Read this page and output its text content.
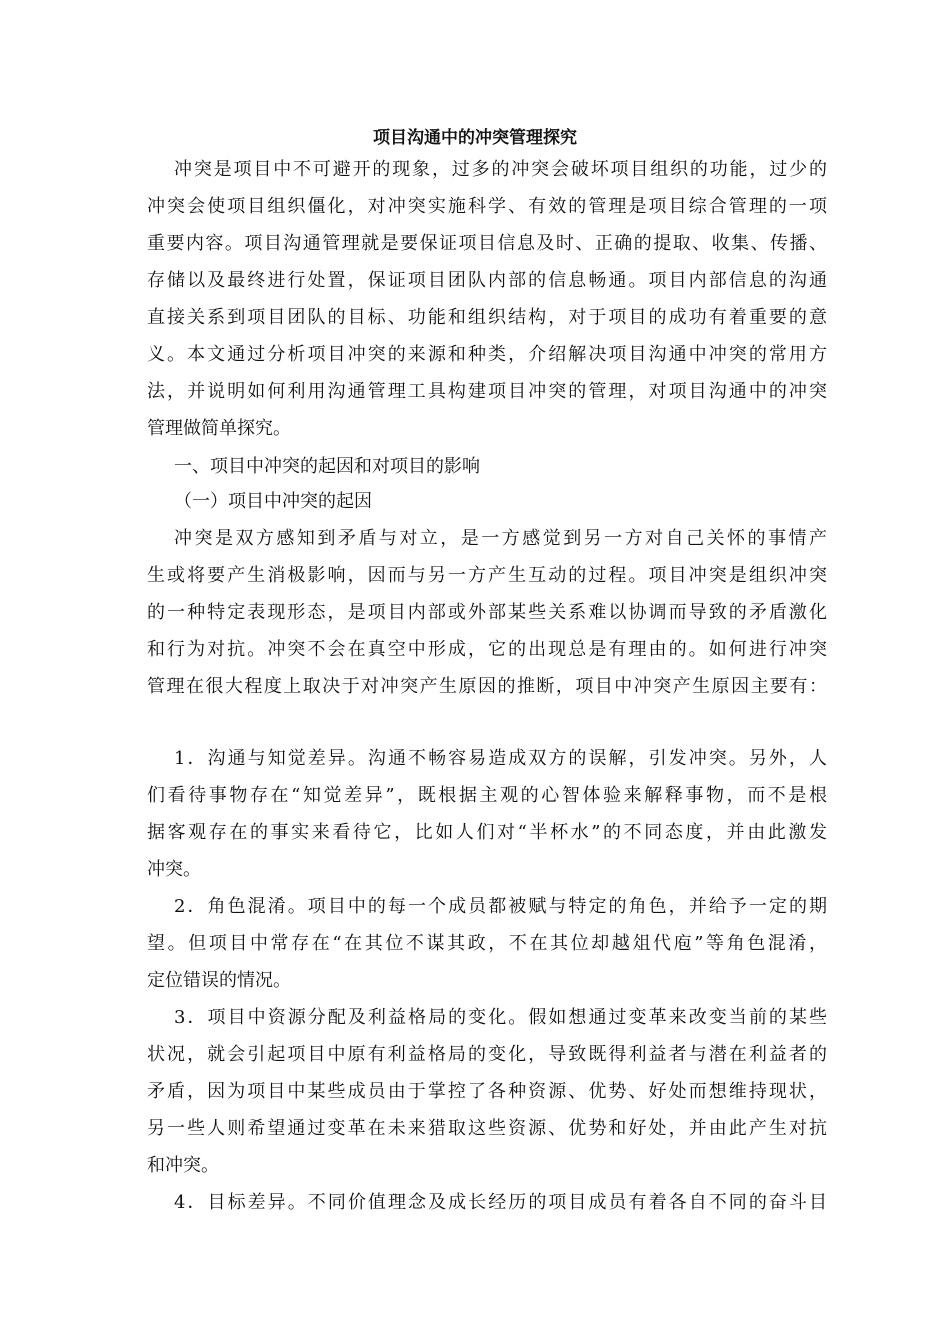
项目沟通中的冲突管理探究
冲突是项目中不可避开的现象，过多的冲突会破坏项目组织的功能，过少的
冲突会使项目组织僵化，对冲突实施科学、有效的管理是项目综合管理的一项
重要内容。项目沟通管理就是要保证项目信息及时、正确的提取、收集、传播、
存储以及最终进行处置，保证项目团队内部的信息畅通。项目内部信息的沟通
直接关系到项目团队的目标、功能和组织结构，对于项目的成功有着重要的意
义。本文通过分析项目冲突的来源和种类，介绍解决项目沟通中冲突的常用方
法，并说明如何利用沟通管理工具构建项目冲突的管理，对项目沟通中的冲突
管理做简单探究。
一、项目中冲突的起因和对项目的影响
（一）项目中冲突的起因
冲突是双方感知到矛盾与对立，是一方感觉到另一方对自己关怀的事情产
生或将要产生消极影响，因而与另一方产生互动的过程。项目冲突是组织冲突
的一种特定表现形态，是项目内部或外部某些关系难以协调而导致的矛盾激化
和行为对抗。冲突不会在真空中形成，它的出现总是有理由的。如何进行冲突
管理在很大程度上取决于对冲突产生原因的推断，项目中冲突产生原因主要有：
1．沟通与知觉差异。沟通不畅容易造成双方的误解，引发冲突。另外，人
们看待事物存在“知觉差异”，既根据主观的心智体验来解释事物，而不是根
据客观存在的事实来看待它，比如人们对“半杯水”的不同态度，并由此激发
冲突。
2．角色混淆。项目中的每一个成员都被赋与特定的角色，并给予一定的期
望。但项目中常存在“在其位不谋其政，不在其位却越俎代庖”等角色混淆，
定位错误的情况。
3．项目中资源分配及利益格局的变化。假如想通过变革来改变当前的某些
状况，就会引起项目中原有利益格局的变化，导致既得利益者与潜在利益者的
矛盾，因为项目中某些成员由于掌控了各种资源、优势、好处而想维持现状，
另一些人则希望通过变革在未来猎取这些资源、优势和好处，并由此产生对抗
和冲突。
4．目标差异。不同价值理念及成长经历的项目成员有着各自不同的奋斗目
